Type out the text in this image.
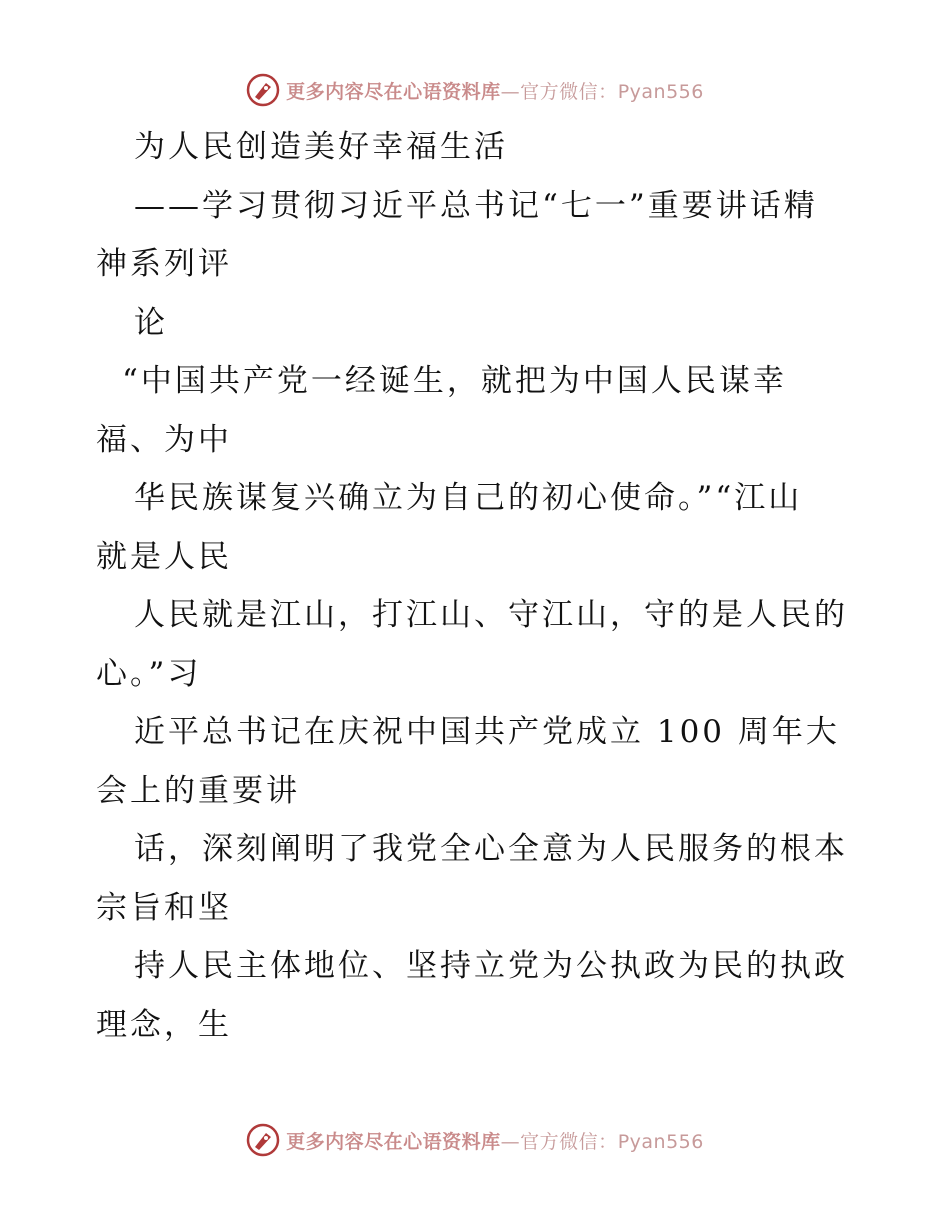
更多内容尽在心语资料库—官方微信：Pyan556
为人民创造美好幸福生活
——学习贯彻习近平总书记“七一”重要讲话精
神系列评
论
“中国共产党一经诞生，就把为中国人民谋幸
福、为中
华民族谋复兴确立为自己的初心使命。”“江山
就是人民
人民就是江山，打江山、守江山，守的是人民的
心。”习
近平总书记在庆祝中国共产党成立 100 周年大
会上的重要讲
话，深刻阐明了我党全心全意为人民服务的根本
宗旨和坚
持人民主体地位、坚持立党为公执政为民的执政
理念，生
更多内容尽在心语资料库—官方微信：Pyan556
